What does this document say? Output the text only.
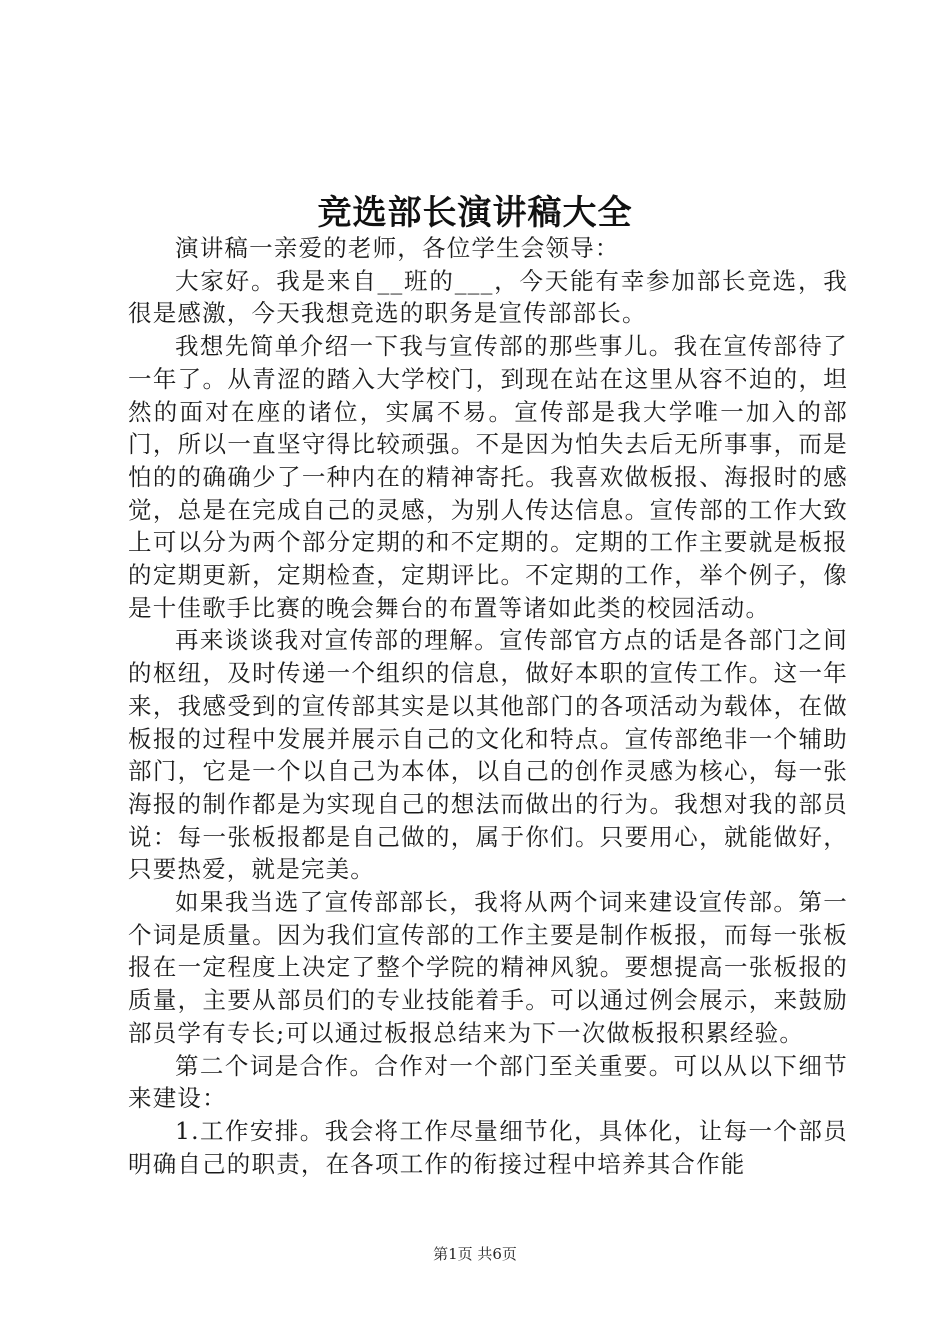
竞选部长演讲稿大全

演讲稿一亲爱的老师，各位学生会领导：

大家好。我是来自__班的___，今天能有幸参加部长竞选，我很是感激，今天我想竞选的职务是宣传部部长。

我想先简单介绍一下我与宣传部的那些事儿。我在宣传部待了一年了。从青涩的踏入大学校门，到现在站在这里从容不迫的，坦然的面对在座的诸位，实属不易。宣传部是我大学唯一加入的部门，所以一直坚守得比较顽强。不是因为怕失去后无所事事，而是怕的的确确少了一种内在的精神寄托。我喜欢做板报、海报时的感觉，总是在完成自己的灵感，为别人传达信息。宣传部的工作大致上可以分为两个部分定期的和不定期的。定期的工作主要就是板报的定期更新，定期检查，定期评比。不定期的工作，举个例子，像是十佳歌手比赛的晚会舞台的布置等诸如此类的校园活动。

再来谈谈我对宣传部的理解。宣传部官方点的话是各部门之间的枢纽，及时传递一个组织的信息，做好本职的宣传工作。这一年来，我感受到的宣传部其实是以其他部门的各项活动为载体，在做板报的过程中发展并展示自己的文化和特点。宣传部绝非一个辅助部门，它是一个以自己为本体，以自己的创作灵感为核心，每一张海报的制作都是为实现自己的想法而做出的行为。我想对我的部员说：每一张板报都是自己做的，属于你们。只要用心，就能做好，只要热爱，就是完美。

如果我当选了宣传部部长，我将从两个词来建设宣传部。第一个词是质量。因为我们宣传部的工作主要是制作板报，而每一张板报在一定程度上决定了整个学院的精神风貌。要想提高一张板报的质量，主要从部员们的专业技能着手。可以通过例会展示，来鼓励部员学有专长;可以通过板报总结来为下一次做板报积累经验。

第二个词是合作。合作对一个部门至关重要。可以从以下细节来建设：

1.工作安排。我会将工作尽量细节化，具体化，让每一个部员明确自己的职责，在各项工作的衔接过程中培养其合作能

第1页 共6页
